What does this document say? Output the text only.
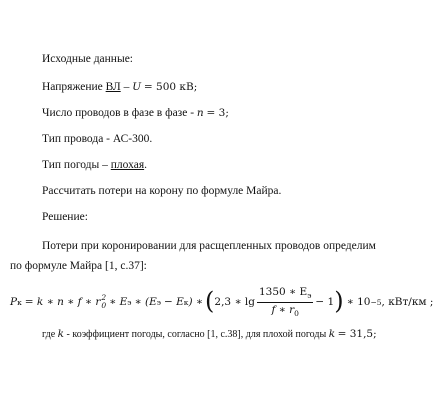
Исходные данные:
Напряжение ВЛ – U = 500 кВ;
Число проводов в фазе в фазе - n = 3;
Тип провода - АС-300.
Тип погоды – плохая.
Рассчитать потери на корону по формуле Майра.
Решение:
Потери при коронировании для расщепленных проводов определим по формуле Майра [1, с.37]:
P к = k ∗ n ∗ f ∗ r 2
0 ∗ E э ∗ (E э − E к ) ∗ ( 2,3 ∗ $\lg \frac{1350 ∗ E_э}{f ∗ r_0} - 1$ ) ∗ 10 −5 , кВт/км ;
где k - коэффициент погоды, согласно [1, с.38], для плохой погоды k = 31,5;
